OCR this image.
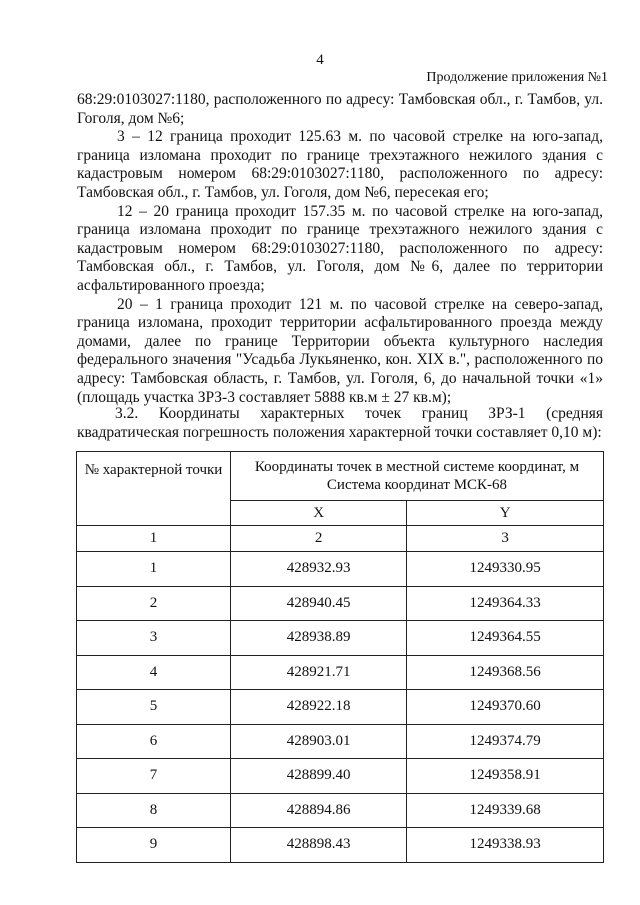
4
Продолжение приложения №1

68:29:0103027:1180, расположенного по адресу: Тамбовская обл., г. Тамбов, ул. Гоголя, дом №6;

3 – 12 граница проходит 125.63 м. по часовой стрелке на юго-запад, граница изломана проходит по границе трехэтажного нежилого здания с кадастровым номером 68:29:0103027:1180, расположенного по адресу: Тамбовская обл., г. Тамбов, ул. Гоголя, дом №6, пересекая его;

12 – 20 граница проходит 157.35 м. по часовой стрелке на юго-запад, граница изломана проходит по границе трехэтажного нежилого здания с кадастровым номером 68:29:0103027:1180, расположенного по адресу: Тамбовская обл., г. Тамбов, ул. Гоголя, дом №6, далее по территории асфальтированного проезда;

20 – 1 граница проходит 121 м. по часовой стрелке на северо-запад, граница изломана, проходит территории асфальтированного проезда между домами, далее по границе Территории объекта культурного наследия федерального значения "Усадьба Лукьяненко, кон. XIX в.", расположенного по адресу: Тамбовская область, г. Тамбов, ул. Гоголя, 6, до начальной точки «1» (площадь участка ЗРЗ-3 составляет 5888 кв.м ± 27 кв.м);

3.2. Координаты характерных точек границ ЗРЗ-1 (средняя квадратическая погрешность положения характерной точки составляет 0,10 м):

№ характерной точки	Координаты точек в местной системе координат, м
Система координат МСК-68	

	X	Y
1	2	3
1	428932.93	1249330.95
2	428940.45	1249364.33
3	428938.89	1249364.55
4	428921.71	1249368.56
5	428922.18	1249370.60
6	428903.01	1249374.79
7	428899.40	1249358.91
8	428894.86	1249339.68
9	428898.43	1249338.93
